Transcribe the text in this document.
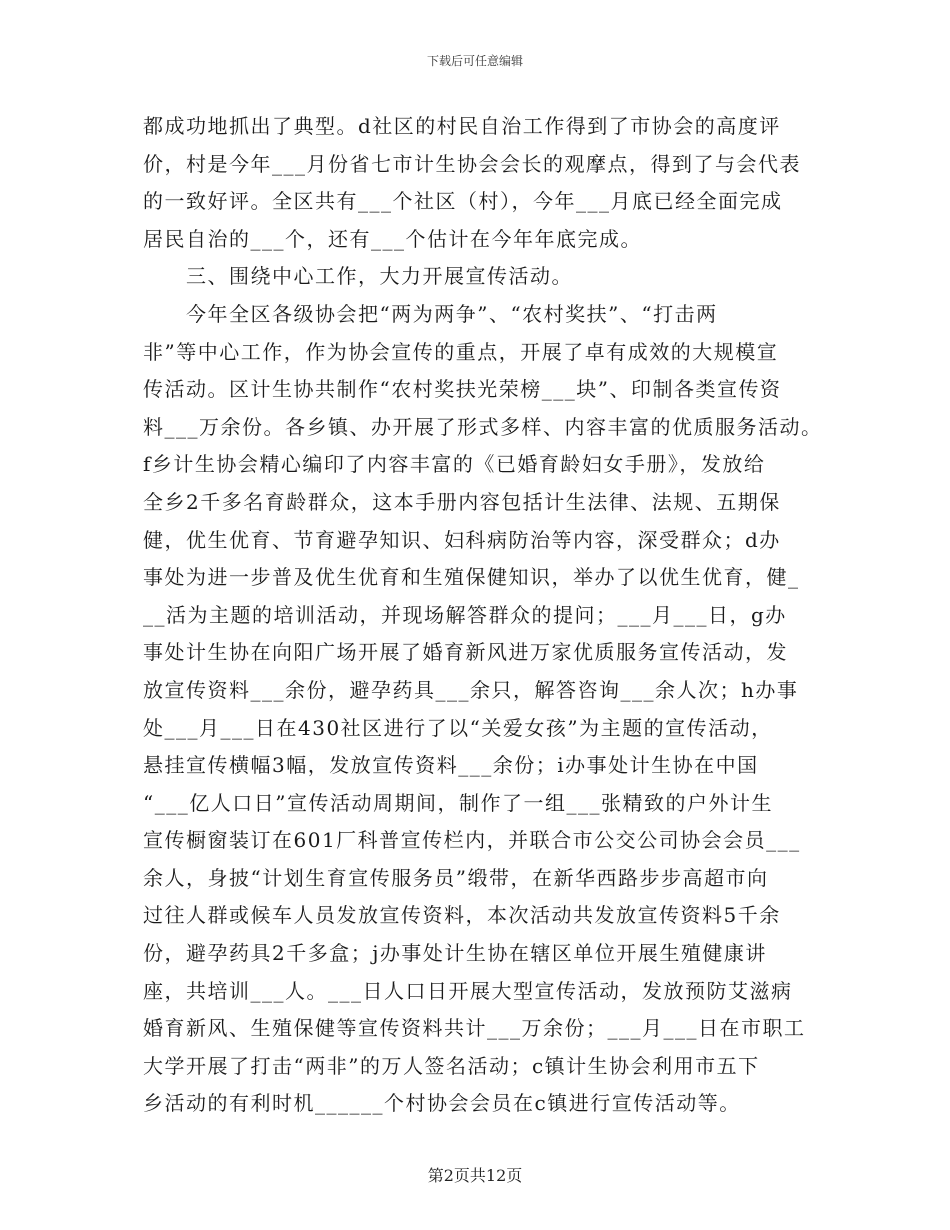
下载后可任意编辑
都成功地抓出了典型。d社区的村民自治工作得到了市协会的高度评
价，村是今年___月份省七市计生协会会长的观摩点，得到了与会代表
的一致好评。全区共有___个社区（村），今年___月底已经全面完成
居民自治的___个，还有___个估计在今年年底完成。
　　三、围绕中心工作，大力开展宣传活动。
　　今年全区各级协会把“两为两争”、“农村奖扶”、“打击两
非”等中心工作，作为协会宣传的重点，开展了卓有成效的大规模宣
传活动。区计生协共制作“农村奖扶光荣榜___块”、印制各类宣传资
料___万余份。各乡镇、办开展了形式多样、内容丰富的优质服务活动。
f乡计生协会精心编印了内容丰富的《已婚育龄妇女手册》，发放给
全乡2千多名育龄群众，这本手册内容包括计生法律、法规、五期保
健，优生优育、节育避孕知识、妇科病防治等内容，深受群众；d办
事处为进一步普及优生优育和生殖保健知识，举办了以优生优育，健_
__活为主题的培训活动，并现场解答群众的提问；___月___日，g办
事处计生协在向阳广场开展了婚育新风进万家优质服务宣传活动，发
放宣传资料___余份，避孕药具___余只，解答咨询___余人次；h办事
处___月___日在430社区进行了以“关爱女孩”为主题的宣传活动，
悬挂宣传横幅3幅，发放宣传资料___余份；i办事处计生协在中国
“___亿人口日”宣传活动周期间，制作了一组___张精致的户外计生
宣传橱窗装订在601厂科普宣传栏内，并联合市公交公司协会会员___
余人，身披“计划生育宣传服务员”缎带，在新华西路步步高超市向
过往人群或候车人员发放宣传资料，本次活动共发放宣传资料5千余
份，避孕药具2千多盒；j办事处计生协在辖区单位开展生殖健康讲
座，共培训___人。___日人口日开展大型宣传活动，发放预防艾滋病
婚育新风、生殖保健等宣传资料共计___万余份；___月___日在市职工
大学开展了打击“两非”的万人签名活动；c镇计生协会利用市五下
乡活动的有利时机______个村协会会员在c镇进行宣传活动等。
第2页共12页
